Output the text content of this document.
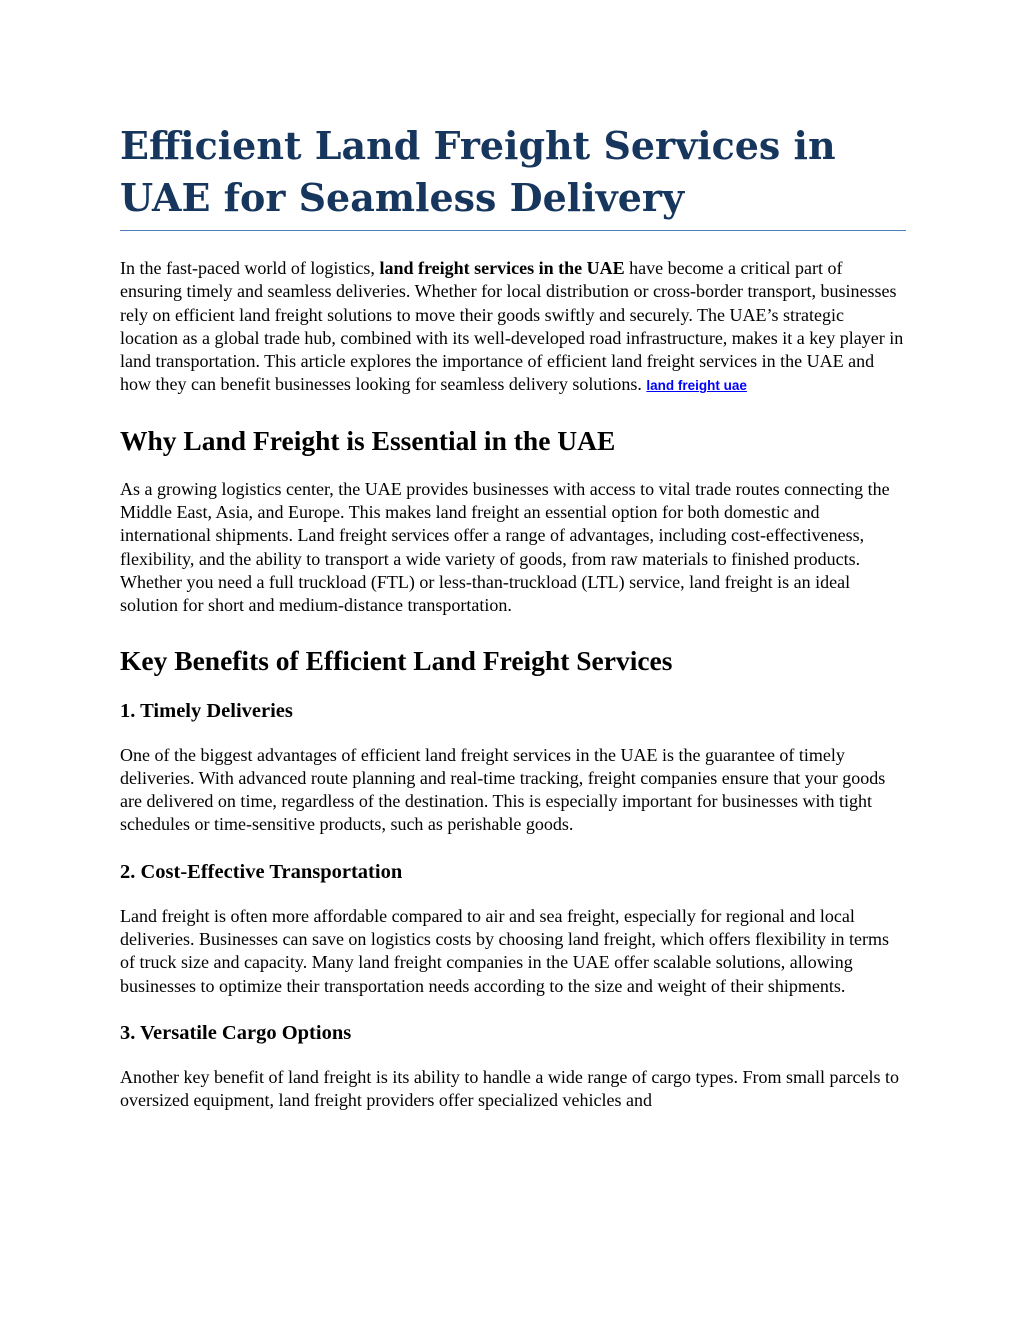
Efficient Land Freight Services in UAE for Seamless Delivery

In the fast-paced world of logistics, land freight services in the UAE have become a critical part of ensuring timely and seamless deliveries. Whether for local distribution or cross-border transport, businesses rely on efficient land freight solutions to move their goods swiftly and securely. The UAE’s strategic location as a global trade hub, combined with its well-developed road infrastructure, makes it a key player in land transportation. This article explores the importance of efficient land freight services in the UAE and how they can benefit businesses looking for seamless delivery solutions. land freight uae

Why Land Freight is Essential in the UAE

As a growing logistics center, the UAE provides businesses with access to vital trade routes connecting the Middle East, Asia, and Europe. This makes land freight an essential option for both domestic and international shipments. Land freight services offer a range of advantages, including cost-effectiveness, flexibility, and the ability to transport a wide variety of goods, from raw materials to finished products. Whether you need a full truckload (FTL) or less-than-truckload (LTL) service, land freight is an ideal solution for short and medium-distance transportation.

Key Benefits of Efficient Land Freight Services
1. Timely Deliveries

One of the biggest advantages of efficient land freight services in the UAE is the guarantee of timely deliveries. With advanced route planning and real-time tracking, freight companies ensure that your goods are delivered on time, regardless of the destination. This is especially important for businesses with tight schedules or time-sensitive products, such as perishable goods.

2. Cost-Effective Transportation

Land freight is often more affordable compared to air and sea freight, especially for regional and local deliveries. Businesses can save on logistics costs by choosing land freight, which offers flexibility in terms of truck size and capacity. Many land freight companies in the UAE offer scalable solutions, allowing businesses to optimize their transportation needs according to the size and weight of their shipments.

3. Versatile Cargo Options

Another key benefit of land freight is its ability to handle a wide range of cargo types. From small parcels to oversized equipment, land freight providers offer specialized vehicles and
